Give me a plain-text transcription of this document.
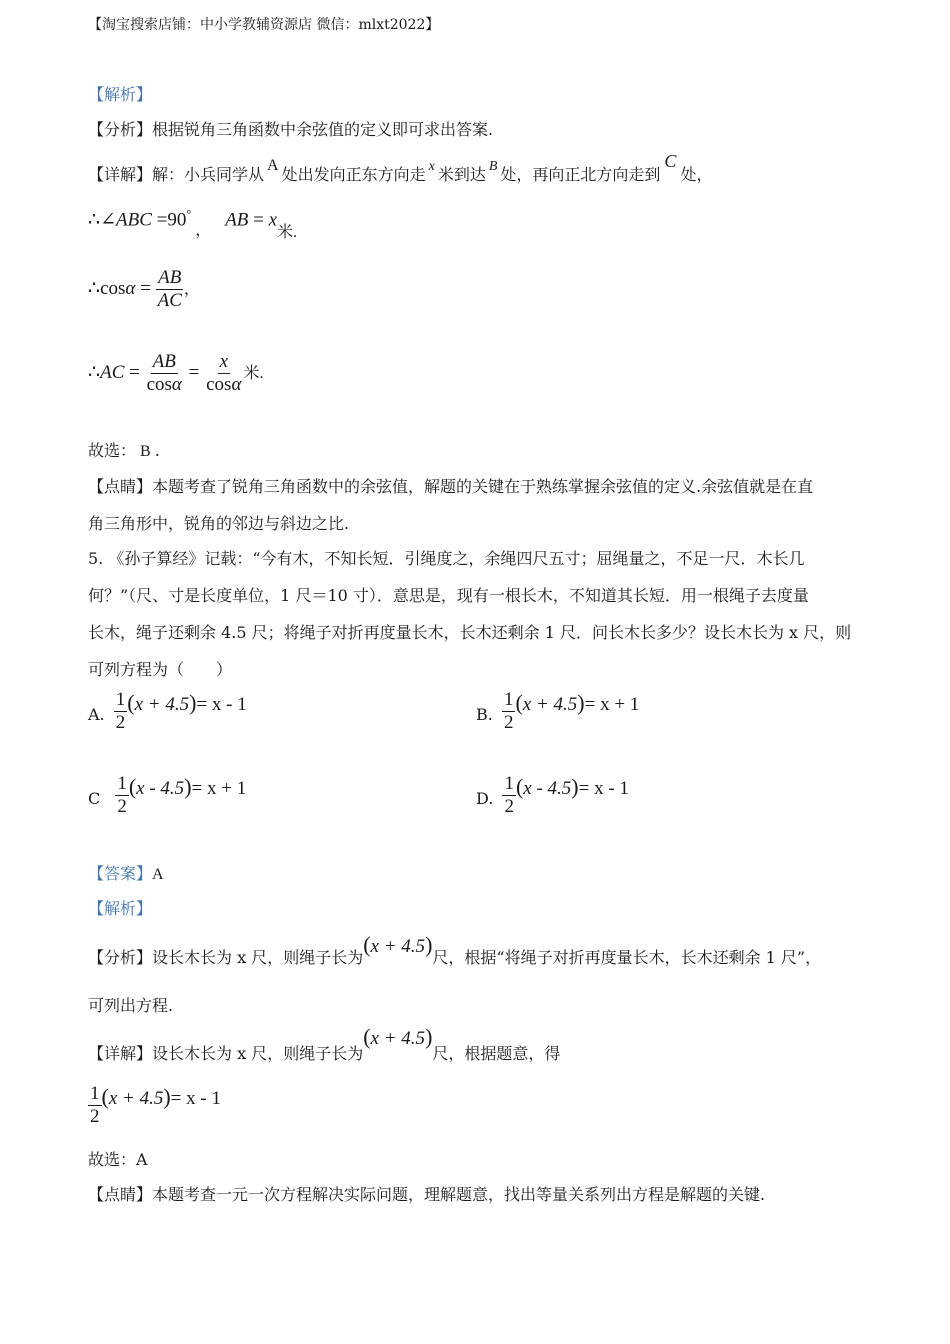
【淘宝搜索店铺：中小学教辅资源店 微信：mlxt2022】
【解析】
【分析】根据锐角三角函数中余弦值的定义即可求出答案.
【详解】解：小兵同学从 A 处出发向正东方向走 x 米到达 B 处，再向正北方向走到C处，
∴∠ABC $=90^\circ_,AB = x_{米.}$
∴cosα = $\frac{AB}{AC}$ ，
∴AC = $\frac{AB}{\cos\alpha} = \frac{x}{\cos\alpha}$ 米.
故选： B .
【点睛】本题考查了锐角三角函数中的余弦值，解题的关键在于熟练掌握余弦值的定义.余弦值就是在直
角三角形中，锐角的邻边与斜边之比.
5. 《孙子算经》记载：“今有木，不知长短．引绳度之，余绳四尺五寸；屈绳量之，不足一尺．木长几
何？”（尺、寸是长度单位，1 尺＝10 寸）．意思是，现有一根长木，不知道其长短．用一根绳子去度量
长木，绳子还剩余 4.5 尺；将绳子对折再度量长木，长木还剩余 1 尺．问长木长多少？设长木长为 x 尺，则
可列方程为（　　）
A. $\frac{1}{2} (x + 4.5)= x - 1$	B. $\frac{1}{2} (x + 4.5)= x + 1$
C $\frac{1}{2} (x - 4.5)= x + 1$	D. $\frac{1}{2} (x - 4.5)= x - 1$
【答案】A
【解析】
【分析】设长木长为 x 尺，则绳子长为(x + 4.5)尺，根据“将绳子对折再度量长木，长木还剩余 1 尺”，
可列出方程.
【详解】设长木长为 x 尺，则绳子长为(x + 4.5)尺，根据题意，得
$\frac{1}{2} (x + 4.5)= x - 1$
故选：A
【点睛】本题考查一元一次方程解决实际问题，理解题意，找出等量关系列出方程是解题的关键.
